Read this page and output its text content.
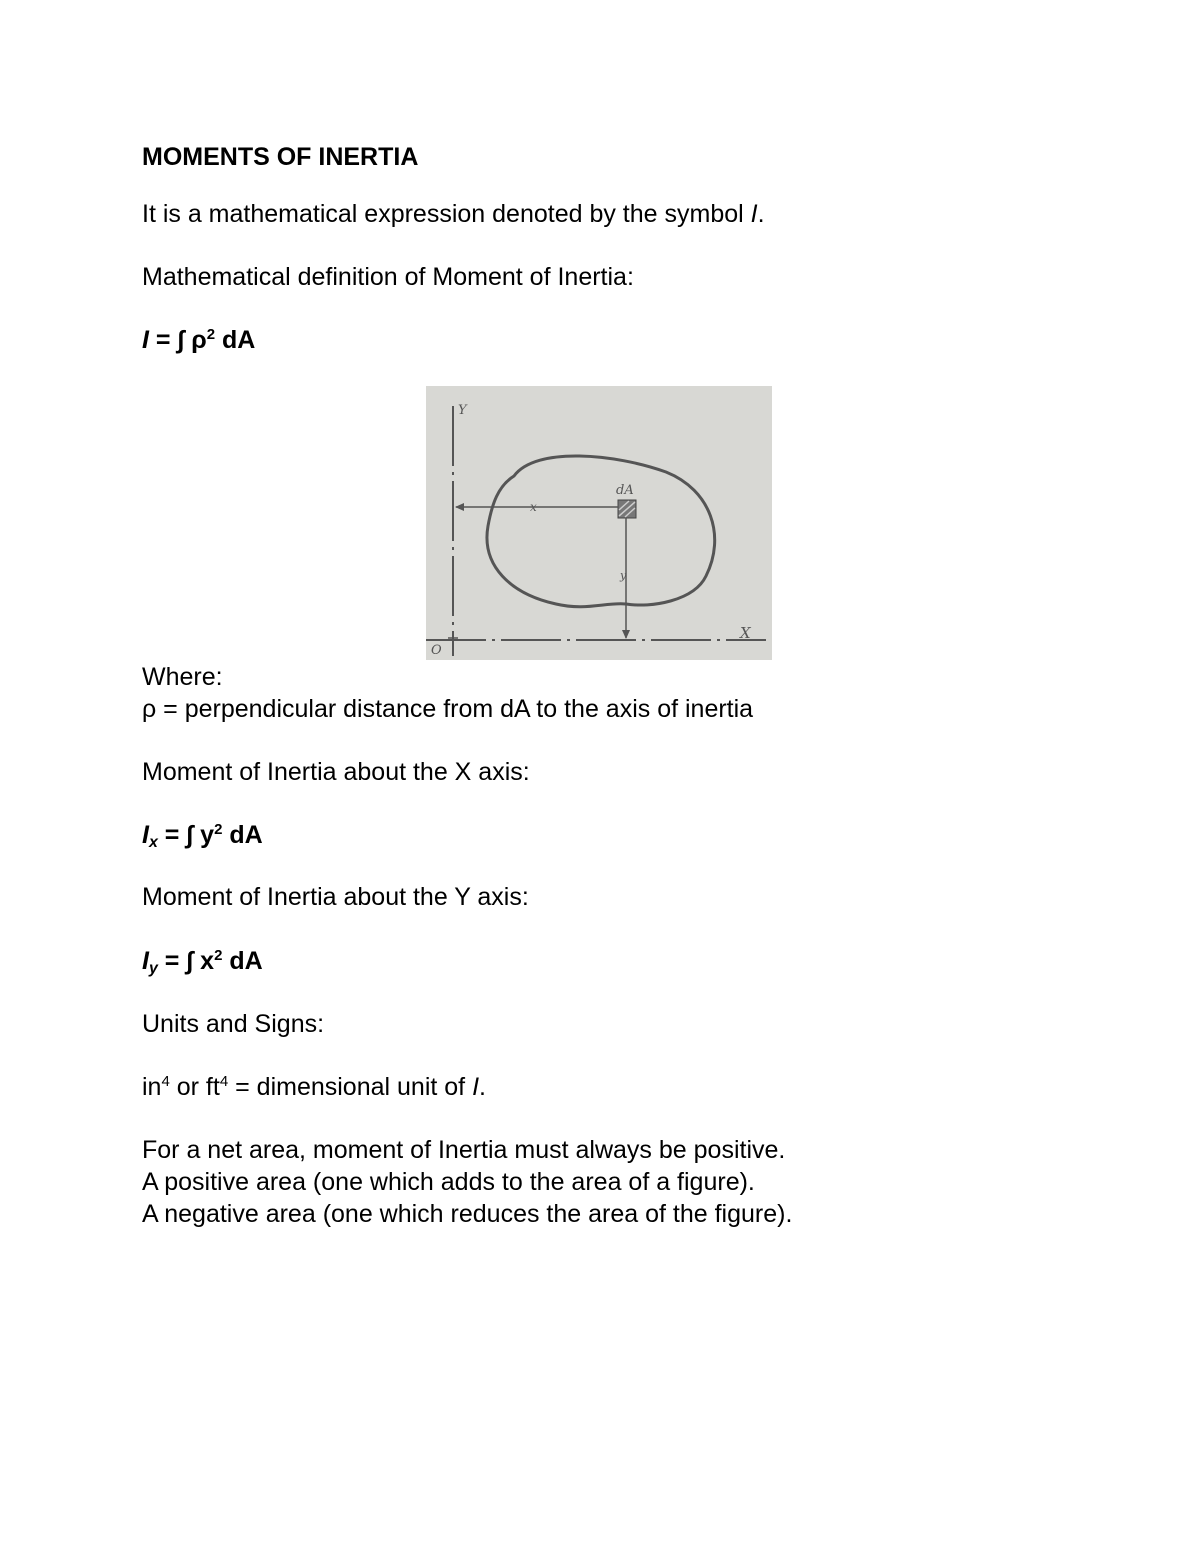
MOMENTS OF INERTIA
It is a mathematical expression denoted by the symbol I.
Mathematical definition of Moment of Inertia:
I = ∫ $\rho^2$ dA
Y
X
O
dA
x
y
Where:
ρ = perpendicular distance from dA to the axis of inertia
Moment of Inertia about the X axis:
$I_x$ = ∫ $y^2$ dA
Moment of Inertia about the Y axis:
$I_y$ = ∫ $x^2$ dA
Units and Signs:
$in^4$ or $ft^4$ = dimensional unit of I.
For a net area, moment of Inertia must always be positive.
A positive area (one which adds to the area of a figure).
A negative area (one which reduces the area of the figure).
